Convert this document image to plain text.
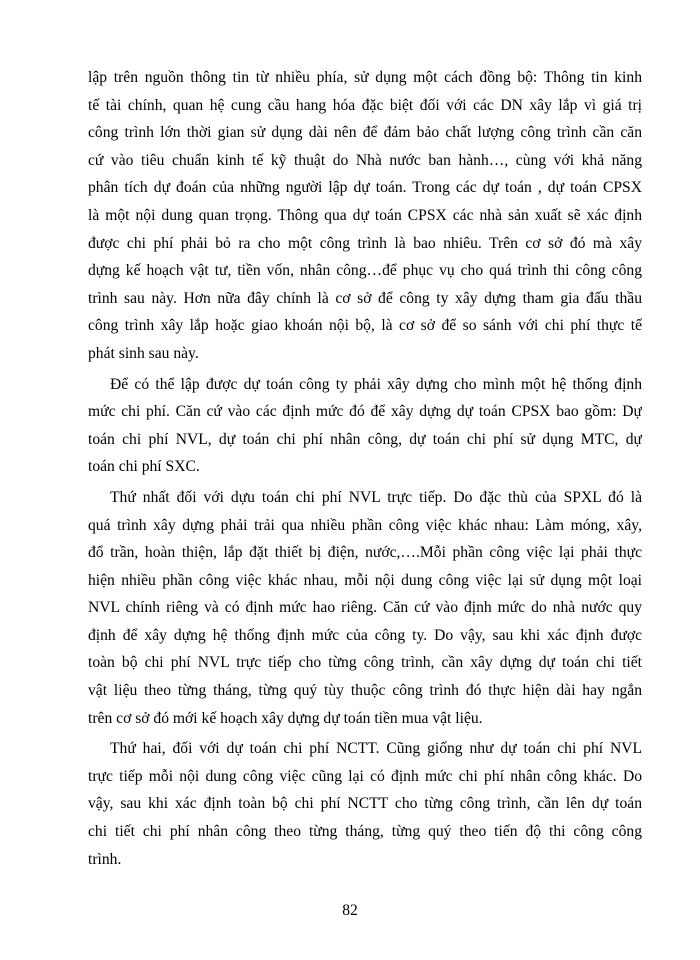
lập trên nguồn thông tin từ nhiều phía, sử dụng một cách đồng bộ: Thông tin kinh
tế tài chính, quan hệ cung cầu hang hóa đặc biệt đối với các DN xây lắp vì giá trị
công trình lớn thời gian sử dụng dài nên để đảm bảo chất lượng công trình cần căn
cứ vào tiêu chuẩn kinh tế kỹ thuật do Nhà nước ban hành…, cùng với khả năng
phân tích dự đoán của những người lập dự toán. Trong các dự toán , dự toán CPSX
là một nội dung quan trọng. Thông qua dự toán CPSX các nhà sản xuất sẽ xác định
được chi phí phải bỏ ra cho một công trình là bao nhiêu. Trên cơ sở đó mà xây
dựng kế hoạch vật tư, tiền vốn, nhân công…để phục vụ cho quá trình thi công công
trình sau này. Hơn nữa đây chính là cơ sở để công ty xây dựng tham gia đấu thầu
công trình xây lắp hoặc giao khoán nội bộ, là cơ sở để so sánh với chi phí thực tế
phát sinh sau này.
Để có thể lập được dự toán công ty phải xây dựng cho mình một hệ thống định
mức chi phí. Căn cứ vào các định mức đó để xây dựng dự toán CPSX bao gồm: Dự
toán chi phí NVL, dự toán chi phí nhân công, dự toán chi phí sử dụng MTC, dự
toán chi phí SXC.
Thứ nhất đối với dựu toán chi phí NVL trực tiếp. Do đặc thù của SPXL đó là
quá trình xây dựng phải trải qua nhiều phần công việc khác nhau: Làm móng, xây,
đổ trần, hoàn thiện, lắp đặt thiết bị điện, nước,….Mỗi phần công việc lại phải thực
hiện nhiều phần công việc khác nhau, mỗi nội dung công việc lại sử dụng một loại
NVL chính riêng và có định mức hao riêng. Căn cứ vào định mức do nhà nước quy
định để xây dựng hệ thống định mức của công ty. Do vậy, sau khi xác định được
toàn bộ chi phí NVL trực tiếp cho từng công trình, cần xây dựng dự toán chi tiết
vật liệu theo từng tháng, từng quý tùy thuộc công trình đó thực hiện dài hay ngắn
trên cơ sở đó mới kế hoạch xây dựng dự toán tiền mua vật liệu.
Thứ hai, đối với dự toán chi phí NCTT. Cũng giống như dự toán chi phí NVL
trực tiếp mỗi nội dung công việc cũng lại có định mức chi phí nhân công khác. Do
vậy, sau khi xác định toàn bộ chi phí NCTT cho từng công trình, cần lên dự toán
chi tiết chi phí nhân công theo từng tháng, từng quý theo tiến độ thi công công
trình.
82
